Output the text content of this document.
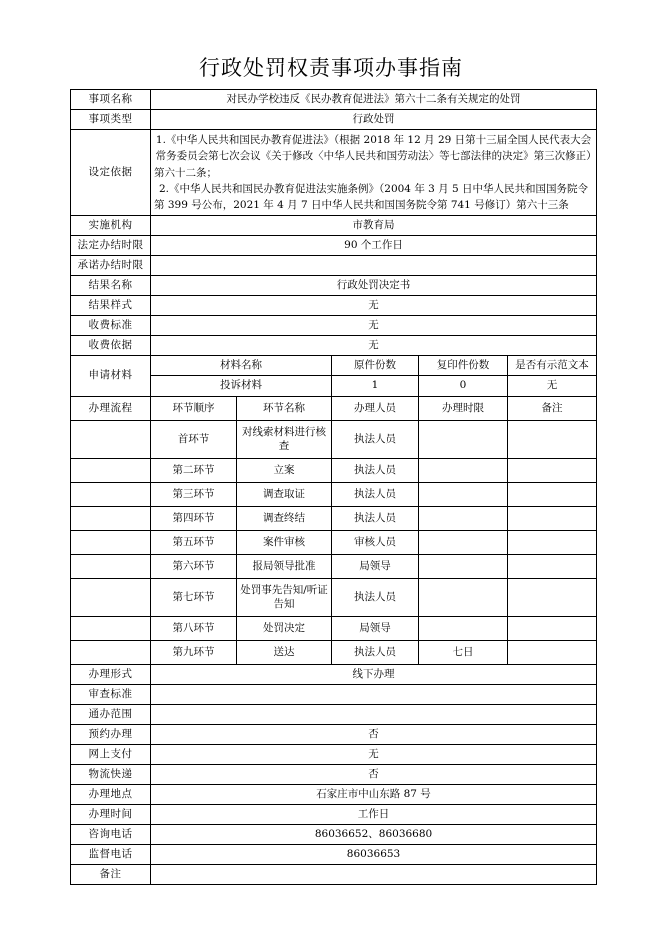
行政处罚权责事项办事指南
事项名称	对民办学校违反《民办教育促进法》第六十二条有关规定的处罚				
事项类型	行政处罚				
设定依据	1.《中华人民共和国民办教育促进法》（根据 2018 年 12 月 29 日第十三届全国人民代表大会常务委员会第七次会议《关于修改〈中华人民共和国劳动法〉等七部法律的决定》第三次修正）第六十二条；

2.《中华人民共和国民办教育促进法实施条例》（2004 年 3 月 5 日中华人民共和国国务院令第 399 号公布，2021 年 4 月 7 日中华人民共和国国务院令第 741 号修订）第六十三条				

实施机构	市教育局				
法定办结时限	90 个工作日				
承诺办结时限					
结果名称	行政处罚决定书				
结果样式	无				
收费标准	无				
收费依据	无				
申请材料	材料名称		原件份数	复印件份数	是否有示范文本
	投诉材料		1	0	无
办理流程	环节顺序	环节名称	办理人员	办理时限	备注
	首环节	对线索材料进行核查	执法人员		
	第二环节	立案	执法人员		
	第三环节	调查取证	执法人员		
	第四环节	调查终结	执法人员		
	第五环节	案件审核	审核人员		
	第六环节	报局领导批准	局领导		
	第七环节	处罚事先告知/听证告知	执法人员		
	第八环节	处罚决定	局领导		
	第九环节	送达	执法人员	七日	
办理形式	线下办理				
审查标准					
通办范围					
预约办理	否				
网上支付	无				
物流快递	否				
办理地点	石家庄市中山东路 87 号				
办理时间	工作日				
咨询电话	86036652、86036680				
监督电话	86036653				
备注					
